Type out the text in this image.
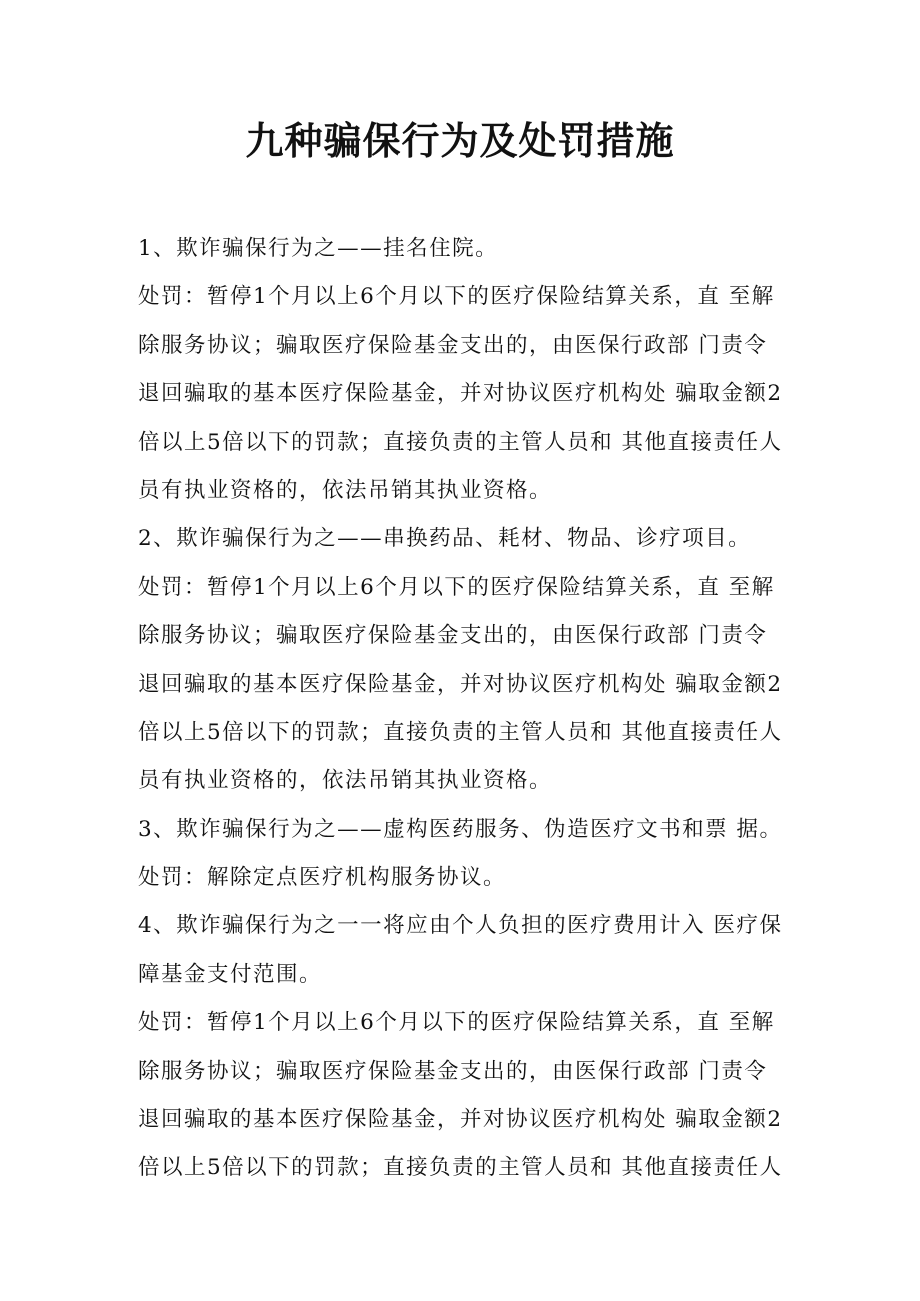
九种骗保行为及处罚措施
1、欺诈骗保行为之——挂名住院。
处罚：暂停1个月以上6个月以下的医疗保险结算关系，直 至解
除服务协议；骗取医疗保险基金支出的，由医保行政部 门责令
退回骗取的基本医疗保险基金，并对协议医疗机构处 骗取金额2
倍以上5倍以下的罚款；直接负责的主管人员和 其他直接责任人
员有执业资格的，依法吊销其执业资格。
2、欺诈骗保行为之——串换药品、耗材、物品、诊疗项目。
处罚：暂停1个月以上6个月以下的医疗保险结算关系，直 至解
除服务协议；骗取医疗保险基金支出的，由医保行政部 门责令
退回骗取的基本医疗保险基金，并对协议医疗机构处 骗取金额2
倍以上5倍以下的罚款；直接负责的主管人员和 其他直接责任人
员有执业资格的，依法吊销其执业资格。
3、欺诈骗保行为之——虚构医药服务、伪造医疗文书和票 据。
处罚：解除定点医疗机构服务协议。
4、欺诈骗保行为之一一将应由个人负担的医疗费用计入 医疗保
障基金支付范围。
处罚：暂停1个月以上6个月以下的医疗保险结算关系，直 至解
除服务协议；骗取医疗保险基金支出的，由医保行政部 门责令
退回骗取的基本医疗保险基金，并对协议医疗机构处 骗取金额2
倍以上5倍以下的罚款；直接负责的主管人员和 其他直接责任人
